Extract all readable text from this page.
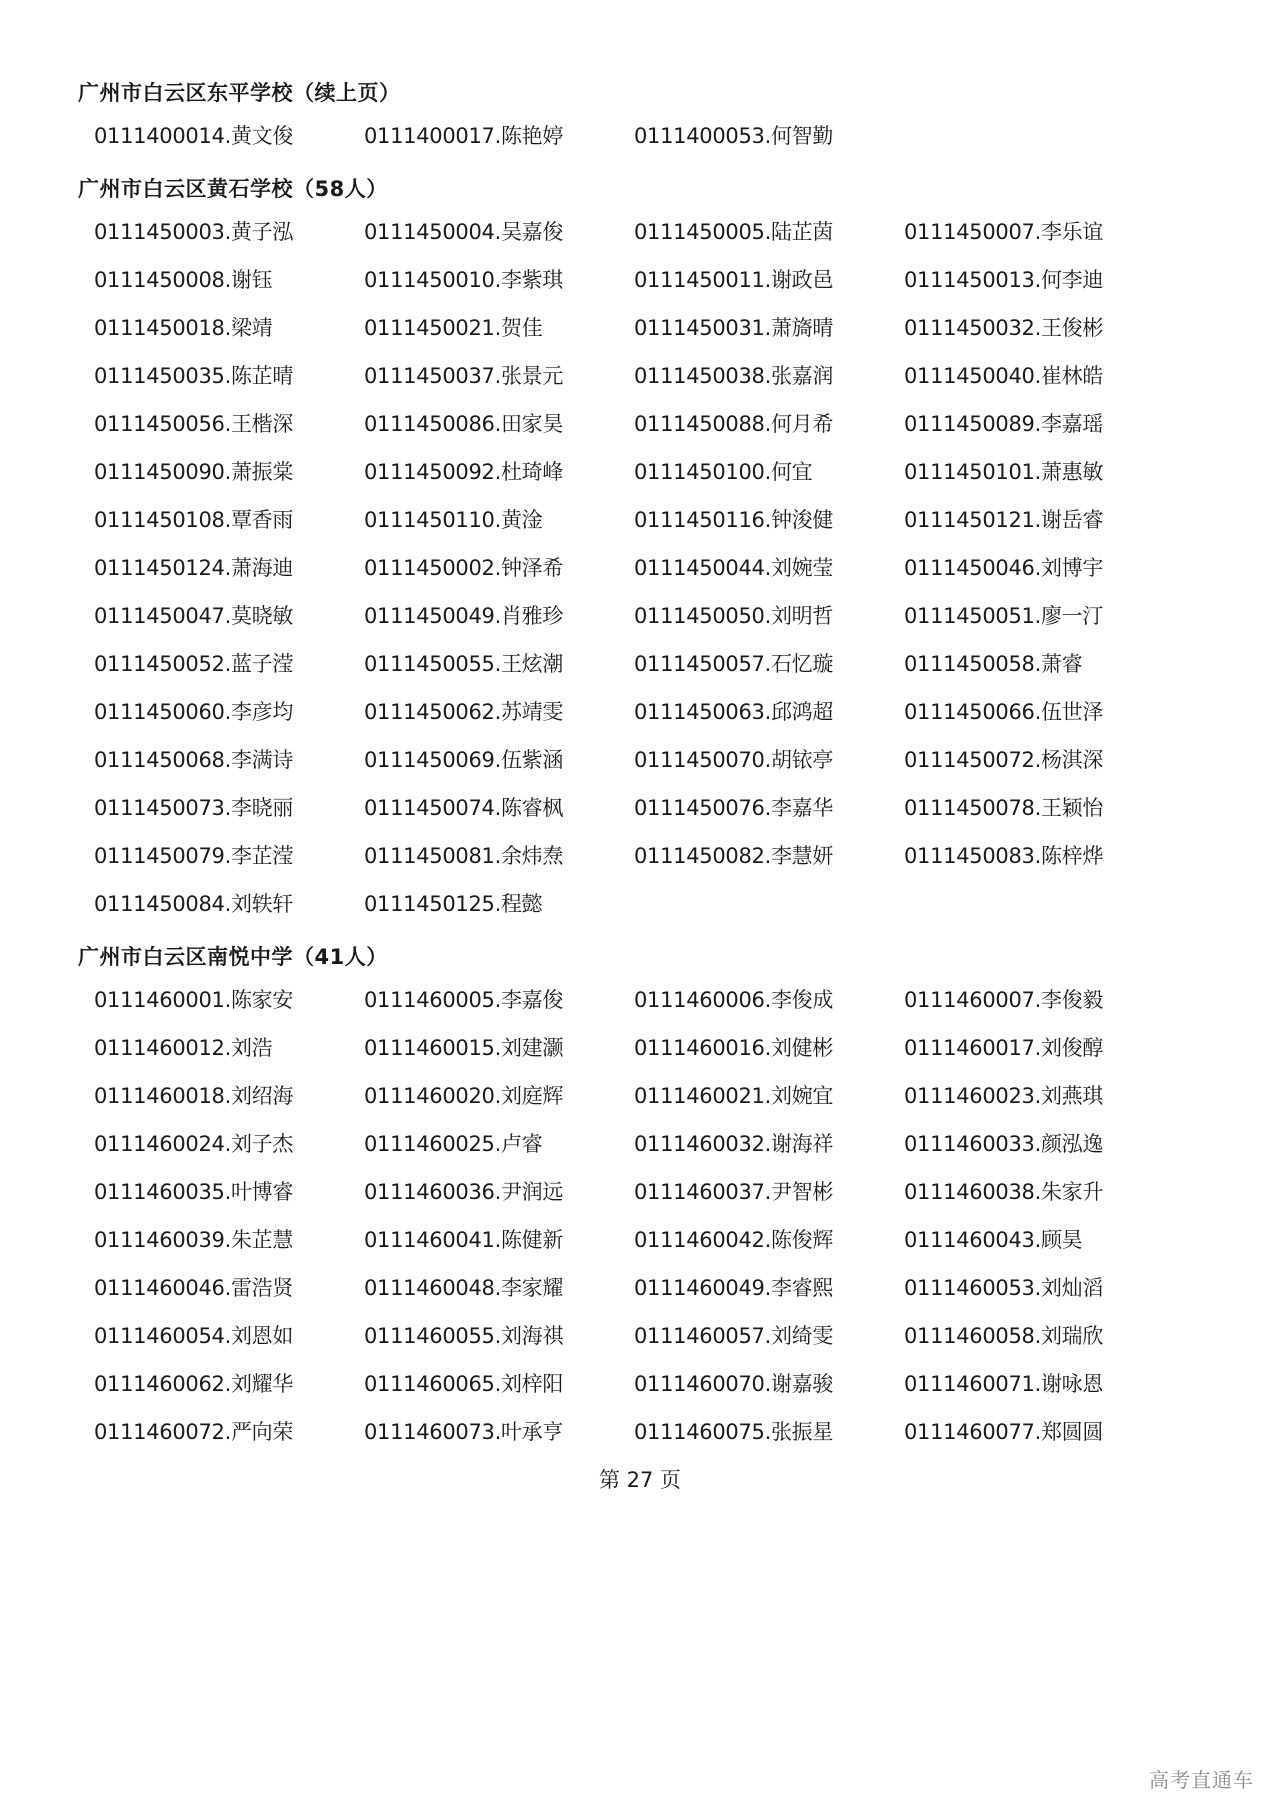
广州市白云区东平学校（续上页）
0111400014.黄文俊	0111400017.陈艳婷	0111400053.何智勤
广州市白云区黄石学校（58人）
0111450003.黄子泓	0111450004.吴嘉俊	0111450005.陆芷茵	0111450007.李乐谊
0111450008.谢钰	0111450010.李紫琪	0111450011.谢政邑	0111450013.何李迪
0111450018.梁靖	0111450021.贺佳	0111450031.萧旖晴	0111450032.王俊彬
0111450035.陈芷晴	0111450037.张景元	0111450038.张嘉润	0111450040.崔林皓
0111450056.王楷深	0111450086.田家昊	0111450088.何月希	0111450089.李嘉瑶
0111450090.萧振棠	0111450092.杜琦峰	0111450100.何宜	0111450101.萧惠敏
0111450108.覃香雨	0111450110.黄淦	0111450116.钟浚健	0111450121.谢岳睿
0111450124.萧海迪	0111450002.钟泽希	0111450044.刘婉莹	0111450046.刘博宇
0111450047.莫晓敏	0111450049.肖雅珍	0111450050.刘明哲	0111450051.廖一汀
0111450052.蓝子滢	0111450055.王炫潮	0111450057.石忆璇	0111450058.萧睿
0111450060.李彦均	0111450062.苏靖雯	0111450063.邱鸿超	0111450066.伍世泽
0111450068.李满诗	0111450069.伍紫涵	0111450070.胡铱亭	0111450072.杨淇深
0111450073.李晓丽	0111450074.陈睿枫	0111450076.李嘉华	0111450078.王颖怡
0111450079.李芷滢	0111450081.余炜焘	0111450082.李慧妍	0111450083.陈梓烨
0111450084.刘轶轩	0111450125.程懿
广州市白云区南悦中学（41人）
0111460001.陈家安	0111460005.李嘉俊	0111460006.李俊成	0111460007.李俊毅
0111460012.刘浩	0111460015.刘建灏	0111460016.刘健彬	0111460017.刘俊醇
0111460018.刘绍海	0111460020.刘庭辉	0111460021.刘婉宜	0111460023.刘燕琪
0111460024.刘子杰	0111460025.卢睿	0111460032.谢海祥	0111460033.颜泓逸
0111460035.叶博睿	0111460036.尹润远	0111460037.尹智彬	0111460038.朱家升
0111460039.朱芷慧	0111460041.陈健新	0111460042.陈俊辉	0111460043.顾昊
0111460046.雷浩贤	0111460048.李家耀	0111460049.李睿熙	0111460053.刘灿滔
0111460054.刘恩如	0111460055.刘海祺	0111460057.刘绮雯	0111460058.刘瑞欣
0111460062.刘耀华	0111460065.刘梓阳	0111460070.谢嘉骏	0111460071.谢咏恩
0111460072.严向荣	0111460073.叶承亨	0111460075.张振星	0111460077.郑圆圆
第 27 页
高考直通车
